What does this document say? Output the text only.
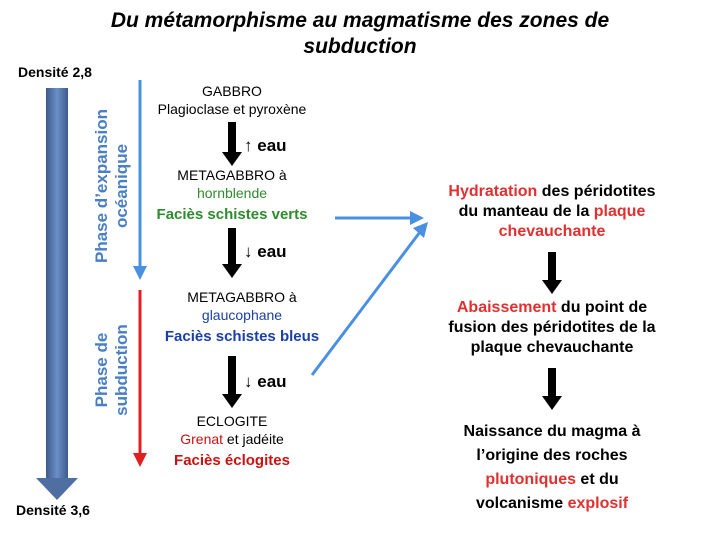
Du métamorphisme au magmatisme des zones de
subduction
Densité 2,8
Densité 3,6
Phase d’expansion océanique
Phase de subduction
GABBRO
Plagioclase et pyroxène
↑ eau
METAGABBRO à
hornblende
Faciès schistes verts
↓ eau
METAGABBRO à
glaucophane
Faciès schistes bleus
↓ eau
ECLOGITE
Grenat et jadéite
Faciès éclogites
Hydratation des péridotites
du manteau de la plaque
chevauchante
Abaissement du point de
fusion des péridotites de la
plaque chevauchante
Naissance du magma à
l’origine des roches
plutoniques et du
volcanisme explosif
